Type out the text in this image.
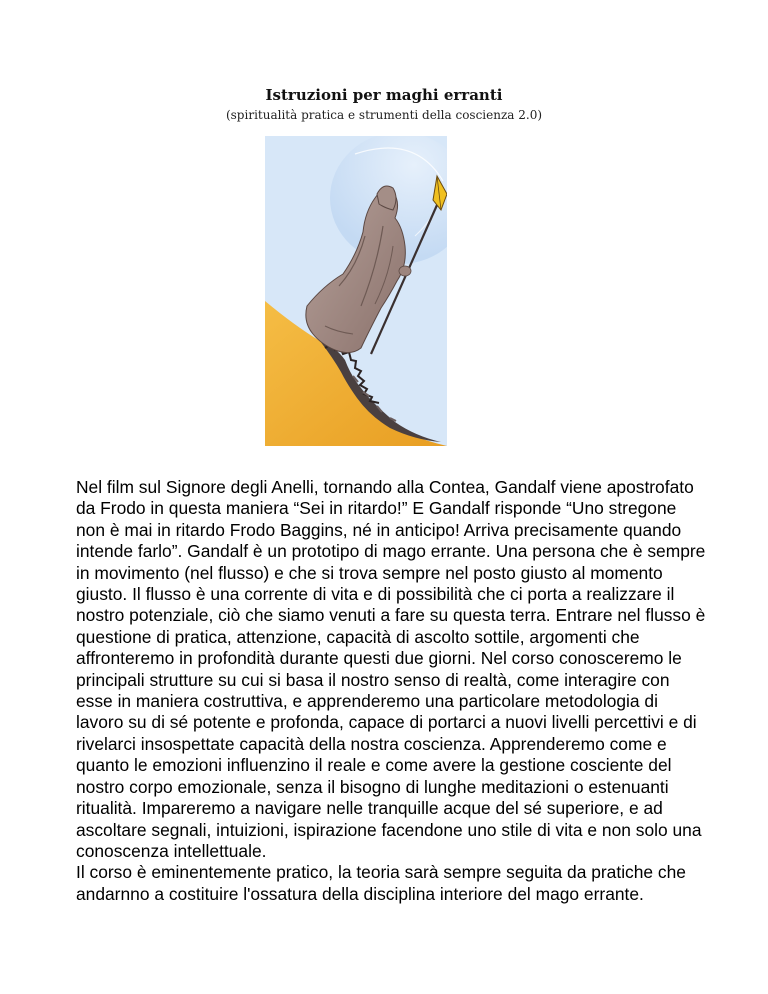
Istruzioni per maghi erranti
(spiritualità pratica e strumenti della coscienza 2.0)

Nel film sul Signore degli Anelli, tornando alla Contea, Gandalf viene apostrofato da Frodo in questa maniera “Sei in ritardo!” E Gandalf risponde “Uno stregone non è mai in ritardo Frodo Baggins, né in anticipo! Arriva precisamente quando intende farlo”. Gandalf è un prototipo di mago errante. Una persona che è sempre in movimento (nel flusso) e che si trova sempre nel posto giusto al momento giusto. Il flusso è una corrente di vita e di possibilità che ci porta a realizzare il nostro potenziale, ciò che siamo venuti a fare su questa terra. Entrare nel flusso è questione di pratica, attenzione, capacità di ascolto sottile, argomenti che affronteremo in profondità durante questi due giorni. Nel corso conosceremo le principali strutture su cui si basa il nostro senso di realtà, come interagire con esse in maniera costruttiva, e apprenderemo una particolare metodologia di lavoro su di sé potente e profonda, capace di portarci a nuovi livelli percettivi e di rivelarci insospettate capacità della nostra coscienza. Apprenderemo come e quanto le emozioni influenzino il reale e come avere la gestione cosciente del nostro corpo emozionale, senza il bisogno di lunghe meditazioni o estenuanti ritualità. Impareremo a navigare nelle tranquille acque del sé superiore, e ad ascoltare segnali, intuizioni, ispirazione facendone uno stile di vita e non solo una conoscenza intellettuale.

Il corso è eminentemente pratico, la teoria sarà sempre seguita da pratiche che andarnno a costituire l'ossatura della disciplina interiore del mago errante.
